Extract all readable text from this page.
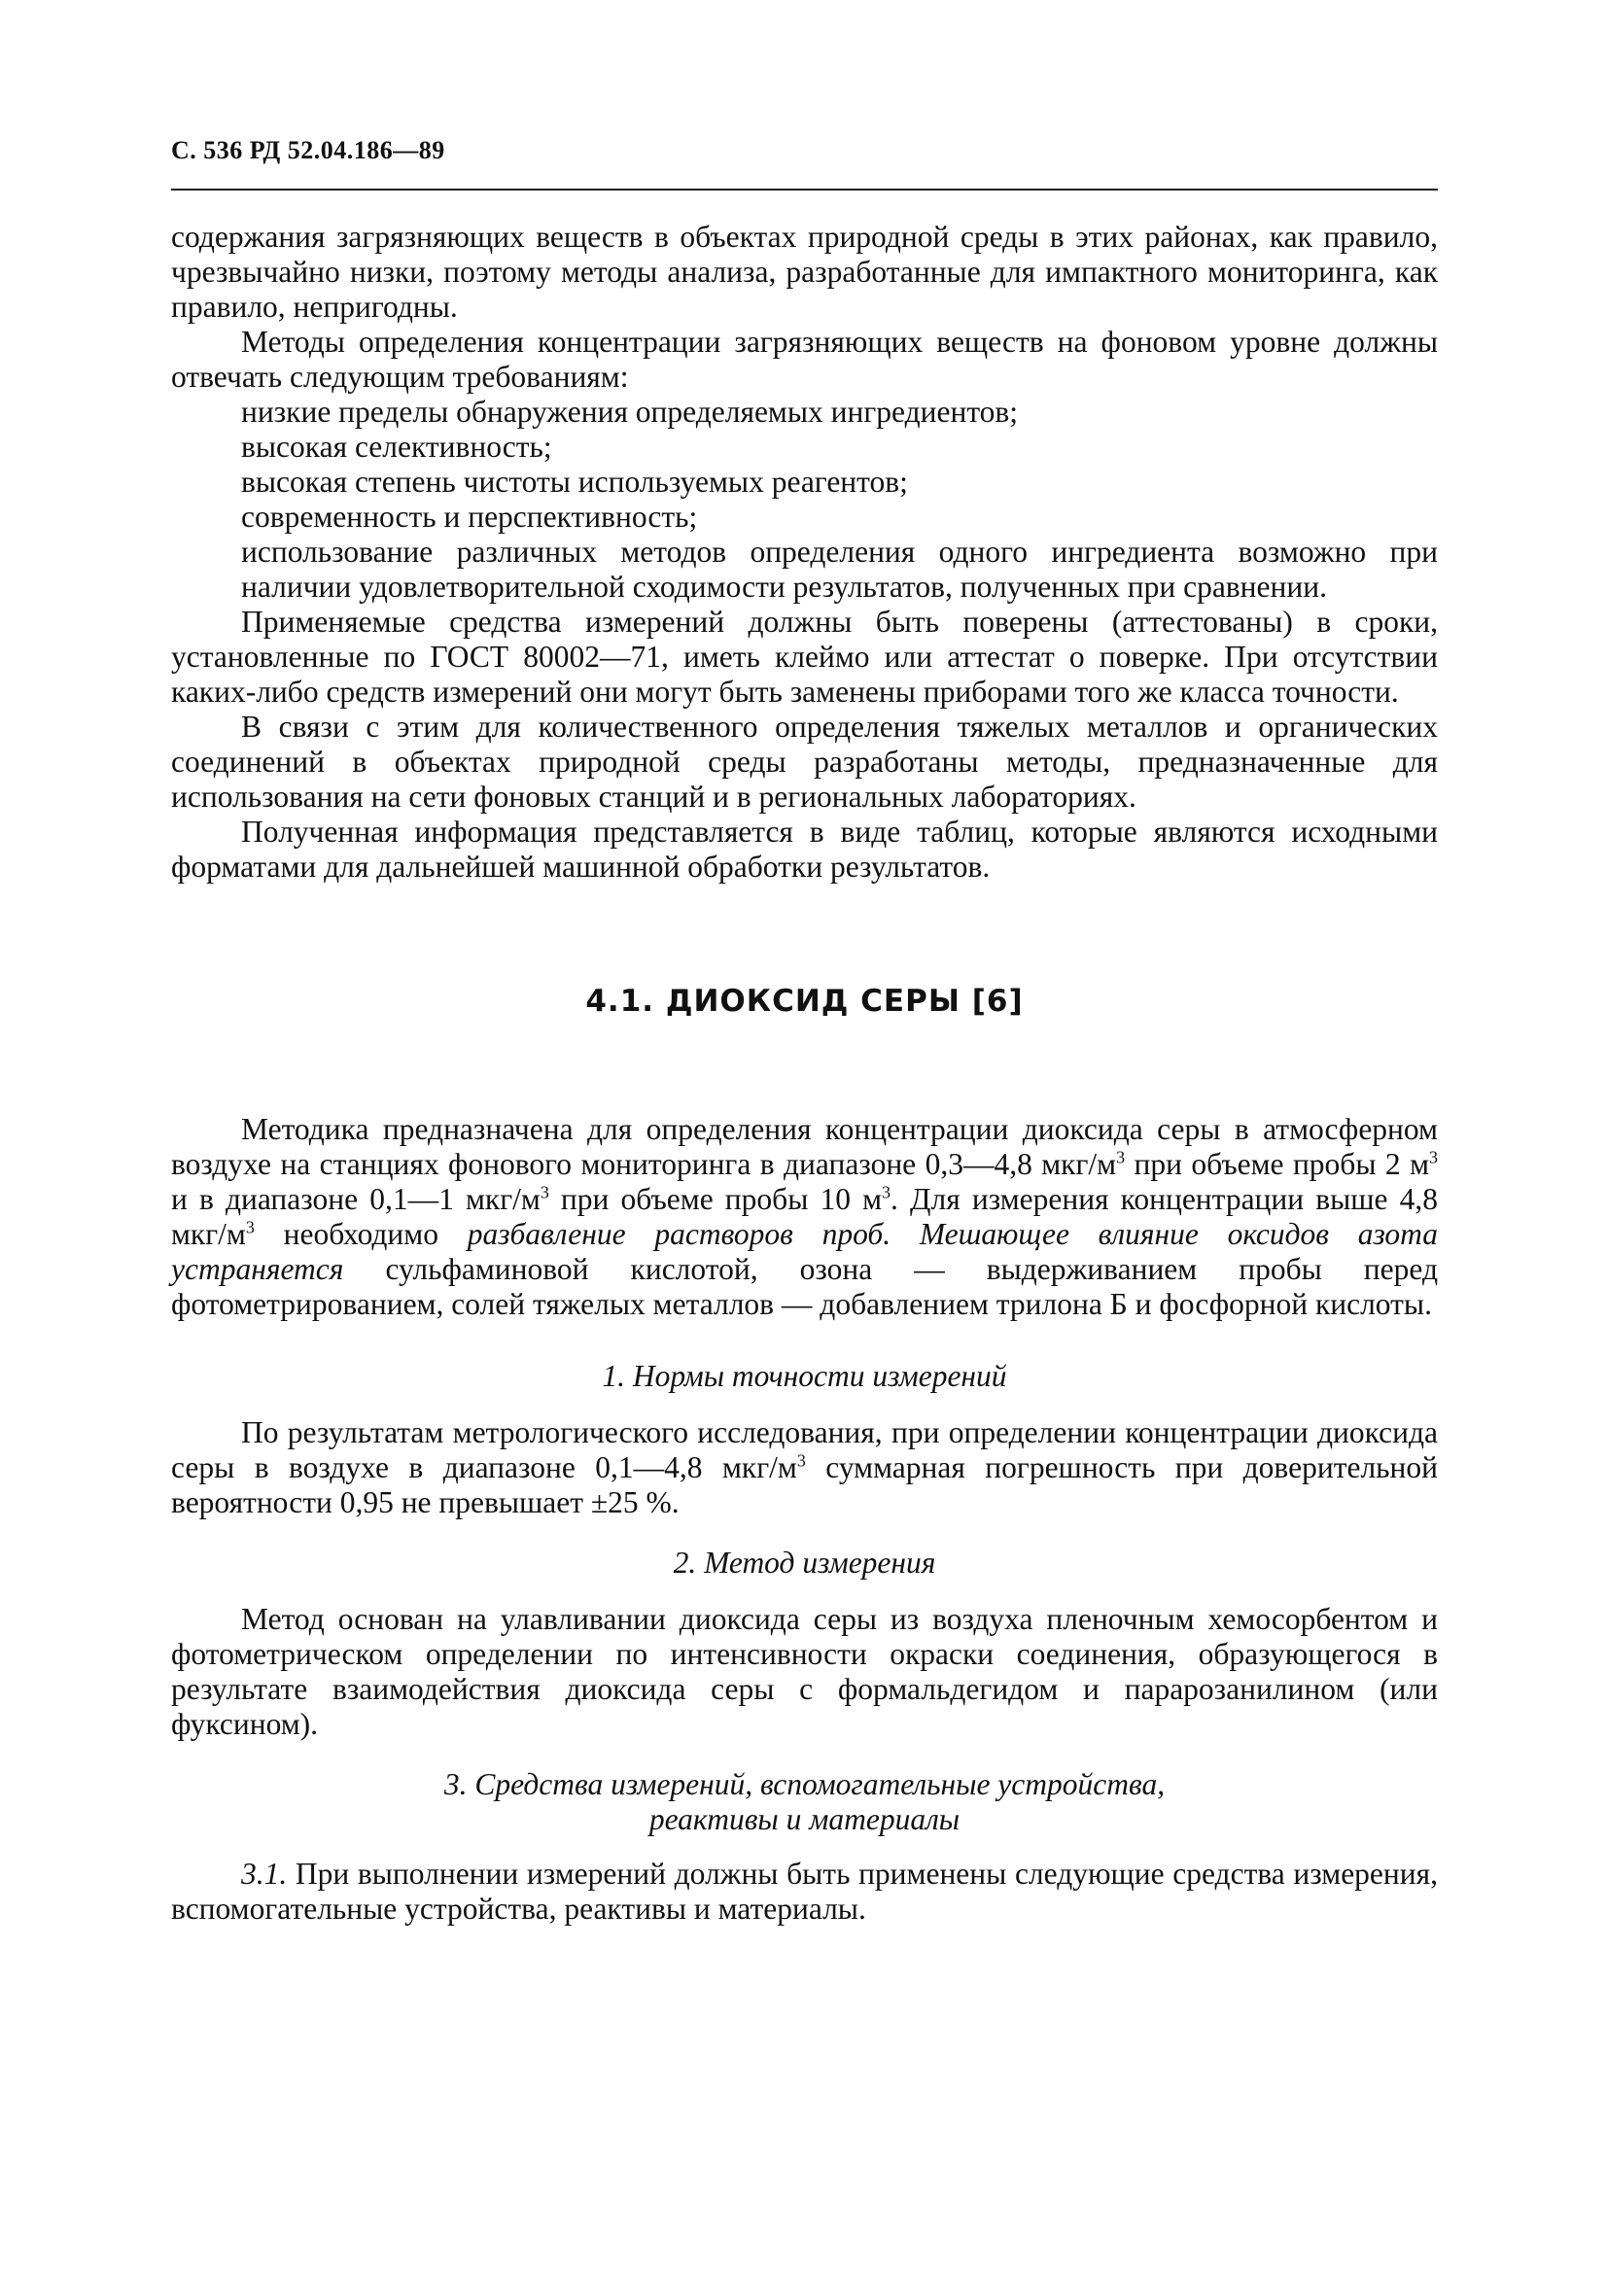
С. 536 РД 52.04.186—89

содержания загрязняющих веществ в объектах природной среды в этих районах, как правило, чрезвычайно низки, поэтому методы анализа, разработанные для импактного мониторинга, как правило, непригодны.

Методы определения концентрации загрязняющих веществ на фоновом уровне должны отвечать следующим требованиям:

низкие пределы обнаружения определяемых ингредиентов;
высокая селективность;
высокая степень чистоты используемых реагентов;
современность и перспективность;
использование различных методов определения одного ингредиента возможно при наличии удовлетворительной сходимости результатов, полученных при сравнении.

Применяемые средства измерений должны быть поверены (аттестованы) в сроки, установленные по ГОСТ 80002—71, иметь клеймо или аттестат о поверке. При отсутствии каких-либо средств измерений они могут быть заменены приборами того же класса точности.

В связи с этим для количественного определения тяжелых металлов и органических соединений в объектах природной среды разработаны методы, предназначенные для использования на сети фоновых станций и в региональных лабораториях.

Полученная информация представляется в виде таблиц, которые являются исходными форматами для дальнейшей машинной обработки результатов.

4.1. ДИОКСИД СЕРЫ [6]

Методика предназначена для определения концентрации диоксида серы в атмосферном воздухе на станциях фонового мониторинга в диапазоне 0,3—4,8 мкг/$м^3$ при объеме пробы 2 $м^3$ и в диапазоне 0,1—1 мкг/$м^3$ при объеме пробы 10 $м^3$. Для измерения концентрации выше 4,8 мкг/$м^3$ необходимо разбавление растворов проб. Мешающее влияние оксидов азота устраняется сульфаминовой кислотой, озона — выдерживанием пробы перед фотометрированием, солей тяжелых металлов — добавлением трилона Б и фосфорной кислоты.

1. Нормы точности измерений

По результатам метрологического исследования, при определении концентрации диоксида серы в воздухе в диапазоне 0,1—4,8 мкг/$м^3$ суммарная погрешность при доверительной вероятности 0,95 не превышает ±25 %.

2. Метод измерения

Метод основан на улавливании диоксида серы из воздуха пленочным хемосорбентом и фотометрическом определении по интенсивности окраски соединения, образующегося в результате взаимодействия диоксида серы с формальдегидом и парарозанилином (или фуксином).

3. Средства измерений, вспомогательные устройства,

реактивы и материалы

3.1. При выполнении измерений должны быть применены следующие средства измерения, вспомогательные устройства, реактивы и материалы.
